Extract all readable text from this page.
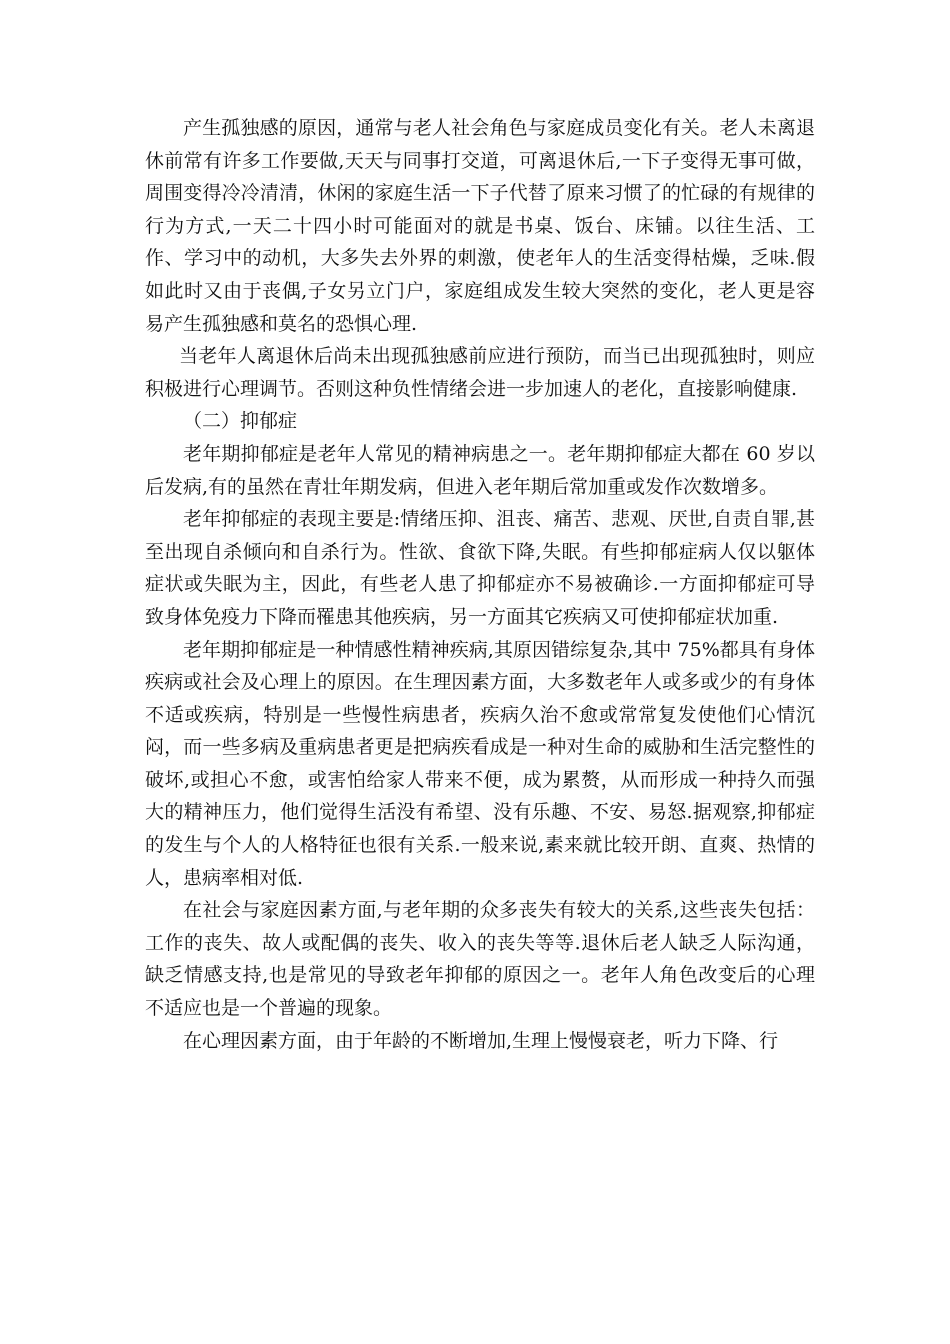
产生孤独感的原因，通常与老人社会角色与家庭成员变化有关。老人未离退休前常有许多工作要做,天天与同事打交道，可离退休后,一下子变得无事可做，周围变得冷冷清清，休闲的家庭生活一下子代替了原来习惯了的忙碌的有规律的行为方式,一天二十四小时可能面对的就是书桌、饭台、床铺。以往生活、工作、学习中的动机，大多失去外界的刺激，使老年人的生活变得枯燥，乏味.假如此时又由于丧偶,子女另立门户，家庭组成发生较大突然的变化，老人更是容易产生孤独感和莫名的恐惧心理.

当老年人离退休后尚未出现孤独感前应进行预防，而当已出现孤独时，则应积极进行心理调节。否则这种负性情绪会进一步加速人的老化，直接影响健康.

（二）抑郁症

老年期抑郁症是老年人常见的精神病患之一。老年期抑郁症大都在 60 岁以后发病,有的虽然在青壮年期发病，但进入老年期后常加重或发作次数增多。

老年抑郁症的表现主要是:情绪压抑、沮丧、痛苦、悲观、厌世,自责自罪,甚至出现自杀倾向和自杀行为。性欲、食欲下降,失眠。有些抑郁症病人仅以躯体症状或失眠为主，因此，有些老人患了抑郁症亦不易被确诊.一方面抑郁症可导致身体免疫力下降而罹患其他疾病，另一方面其它疾病又可使抑郁症状加重.

老年期抑郁症是一种情感性精神疾病,其原因错综复杂,其中 75%都具有身体疾病或社会及心理上的原因。在生理因素方面，大多数老年人或多或少的有身体不适或疾病，特别是一些慢性病患者，疾病久治不愈或常常复发使他们心情沉闷，而一些多病及重病患者更是把病疾看成是一种对生命的威胁和生活完整性的破坏,或担心不愈，或害怕给家人带来不便，成为累赘，从而形成一种持久而强大的精神压力，他们觉得生活没有希望、没有乐趣、不安、易怒.据观察,抑郁症的发生与个人的人格特征也很有关系.一般来说,素来就比较开朗、直爽、热情的人，患病率相对低.

在社会与家庭因素方面,与老年期的众多丧失有较大的关系,这些丧失包括：工作的丧失、故人或配偶的丧失、收入的丧失等等.退休后老人缺乏人际沟通，缺乏情感支持,也是常见的导致老年抑郁的原因之一。老年人角色改变后的心理不适应也是一个普遍的现象。

在心理因素方面，由于年龄的不断增加,生理上慢慢衰老，听力下降、行
